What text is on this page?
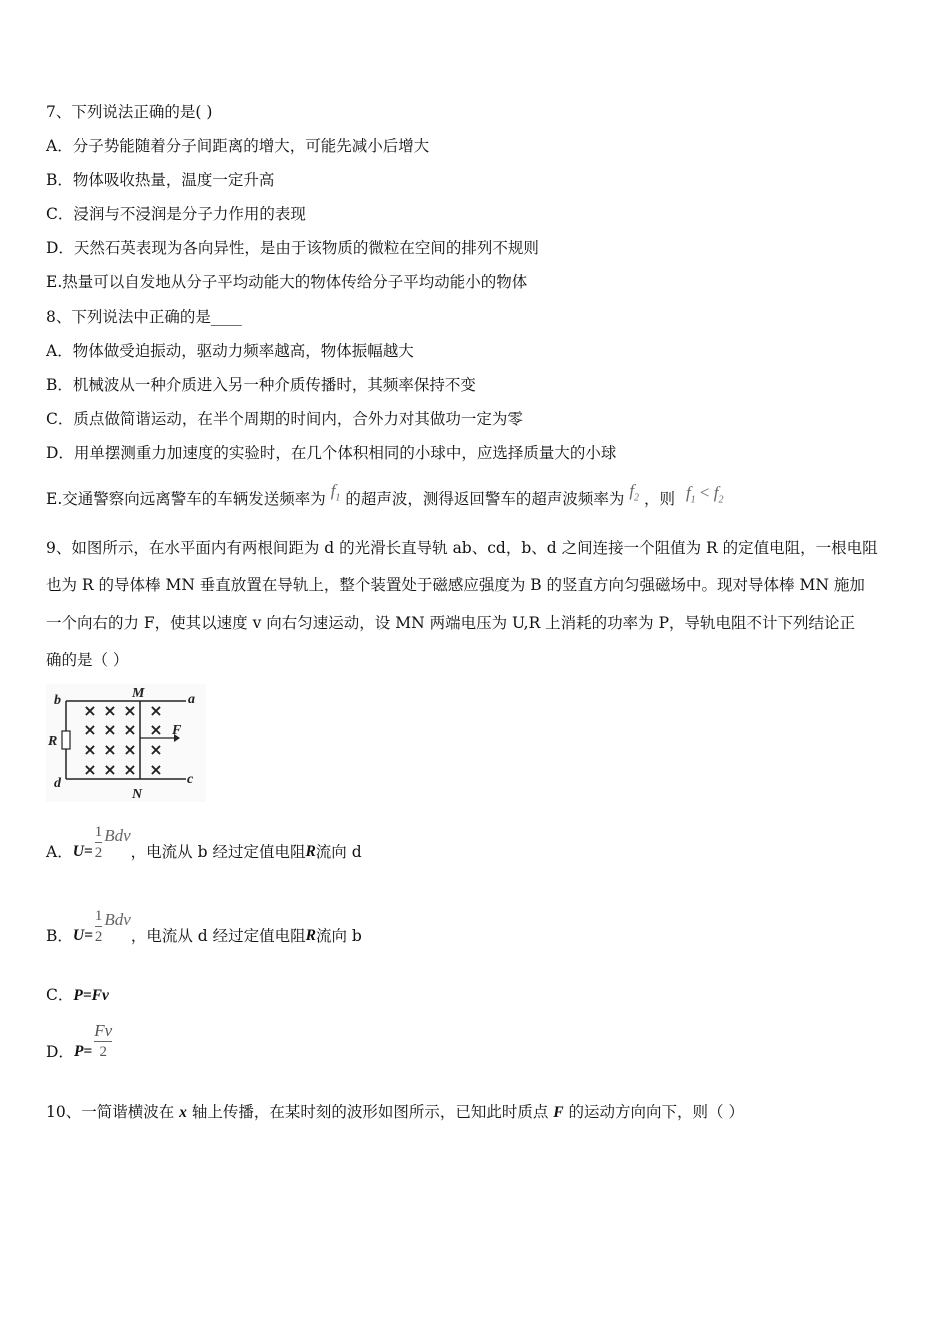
7、下列说法正确的是( )
A．分子势能随着分子间距离的增大，可能先减小后增大
B．物体吸收热量，温度一定升高
C．浸润与不浸润是分子力作用的表现
D．天然石英表现为各向异性，是由于该物质的微粒在空间的排列不规则
E.热量可以自发地从分子平均动能大的物体传给分子平均动能小的物体
8、下列说法中正确的是____
A．物体做受迫振动，驱动力频率越高，物体振幅越大
B．机械波从一种介质进入另一种介质传播时，其频率保持不变
C．质点做简谐运动，在半个周期的时间内，合外力对其做功一定为零
D．用单摆测重力加速度的实验时，在几个体积相同的小球中，应选择质量大的小球
E.交通警察向远离警车的车辆发送频率为 $f_1$ 的超声波，测得返回警车的超声波频率为 $f_2$ ，则 $f_1 < f_2$
9、如图所示，在水平面内有两根间距为 d 的光滑长直导轨 ab、cd，b、d 之间连接一个阻值为 R 的定值电阻，一根电阻
也为 R 的导体棒 MN 垂直放置在导轨上，整个装置处于磁感应强度为 B 的竖直方向匀强磁场中。现对导体棒 MN 施加
一个向右的力 F，使其以速度 v 向右匀速运动，设 MN 两端电压为 U,R 上消耗的功率为 P，导轨电阻不计下列结论正
确的是（ ）
× × × ×
× × × ×
× × × ×
× × × ×
b	M	a
R
F
d	c
N
A． $U= \frac{1}{2}$ Bdv
，电流从 b 经过定值电阻 R 流向 d
B． $U= \frac{1}{2}$ Bdv
，电流从 d 经过定值电阻 R 流向 b
C．P=Fv
D． $P= \frac{Fv}{2}$
10、一简谐横波在 x 轴上传播，在某时刻的波形如图所示，已知此时质点 F 的运动方向向下，则（ ）
